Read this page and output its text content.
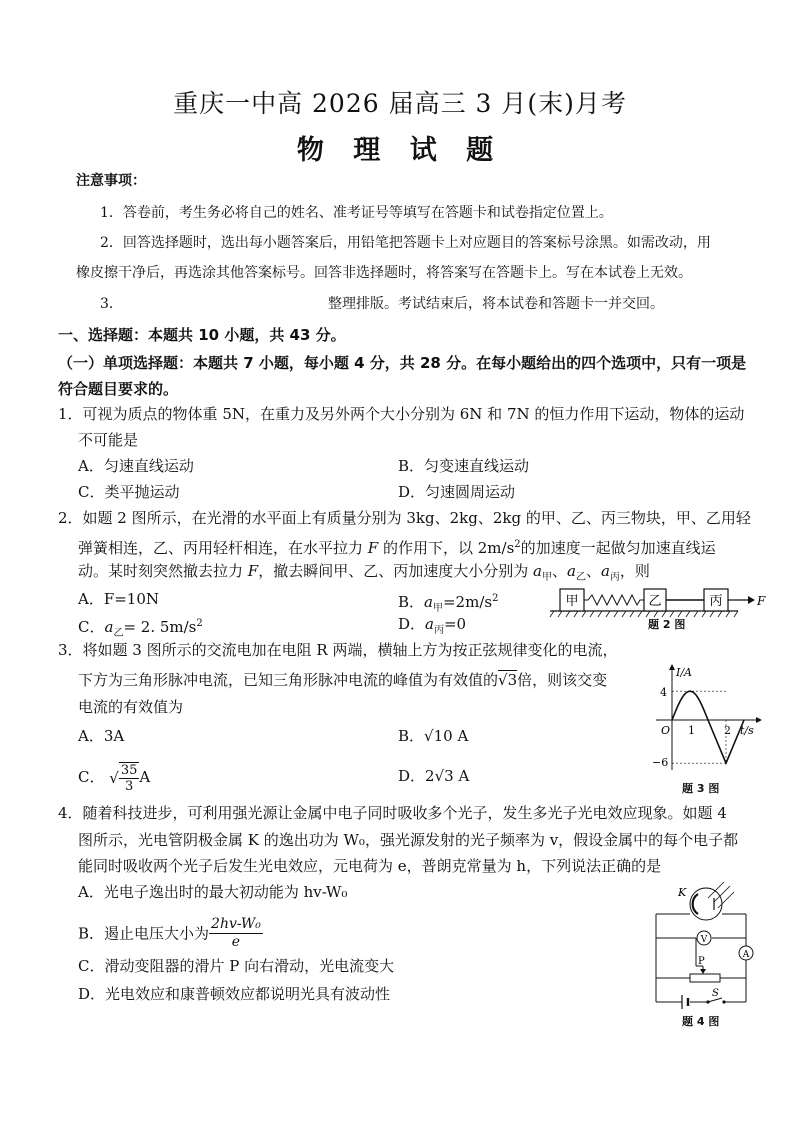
重庆一中高 2026 届高三 3 月(末)月考
物 理 试 题
注意事项：
1．答卷前，考生务必将自己的姓名、准考证号等填写在答题卡和试卷指定位置上。
2．回答选择题时，选出每小题答案后，用铅笔把答题卡上对应题目的答案标号涂黑。如需改动，用
橡皮擦干净后，再选涂其他答案标号。回答非选择题时，将答案写在答题卡上。写在本试卷上无效。
3．	整理排版。考试结束后，将本试卷和答题卡一并交回。
一、选择题：本题共 10 小题，共 43 分。
（一）单项选择题：本题共 7 小题，每小题 4 分，共 28 分。在每小题给出的四个选项中，只有一项是
符合题目要求的。
1．可视为质点的物体重 5N，在重力及另外两个大小分别为 6N 和 7N 的恒力作用下运动，物体的运动
不可能是
A．匀速直线运动	B．匀变速直线运动
C．类平抛运动	D．匀速圆周运动
2．如题 2 图所示，在光滑的水平面上有质量分别为 3kg、2kg、2kg 的甲、乙、丙三物块，甲、乙用轻
弹簧相连，乙、丙用轻杆相连，在水平拉力 F 的作用下，以 $2m/s^2$的加速度一起做匀加速直线运
动。某时刻突然撤去拉力 F，撤去瞬间甲、乙、丙加速度大小分别为 $a_甲$、$a_乙$、$a_丙$，则
A．F=10N	B．$a_甲=2m/s^2$
C．$a_乙= 2$. $5m/s^2$	D．$a_丙=0$
甲	乙	丙	F
题 2 图
3．将如题 3 图所示的交流电加在电阻 R 两端，横轴上方为按正弦规律变化的电流，
下方为三角形脉冲电流，已知三角形脉冲电流的峰值为有效值的√3倍，则该交变
电流的有效值为
A．3A	B．√10 A
C． √ $\frac{35}{3}$ A	D．2√3 A
I/A
t/s
4
−6
O 1	2
题 3 图
4．随着科技进步，可利用强光源让金属中电子同时吸收多个光子，发生多光子光电效应现象。如题 4
图所示，光电管阴极金属 K 的逸出功为 W₀，强光源发射的光子频率为 v，假设金属中的每个电子都
能同时吸收两个光子后发生光电效应，元电荷为 e，普朗克常量为 h，下列说法正确的是
A．光电子逸出时的最大初动能为 hv-W₀
B．遏止电压大小为 $\frac{\text{2hv-W₀}}{e}$
C．滑动变阻器的滑片 P 向右滑动，光电流变大
D．光电效应和康普顿效应都说明光具有波动性
P
S
K
V
A
题 4 图
